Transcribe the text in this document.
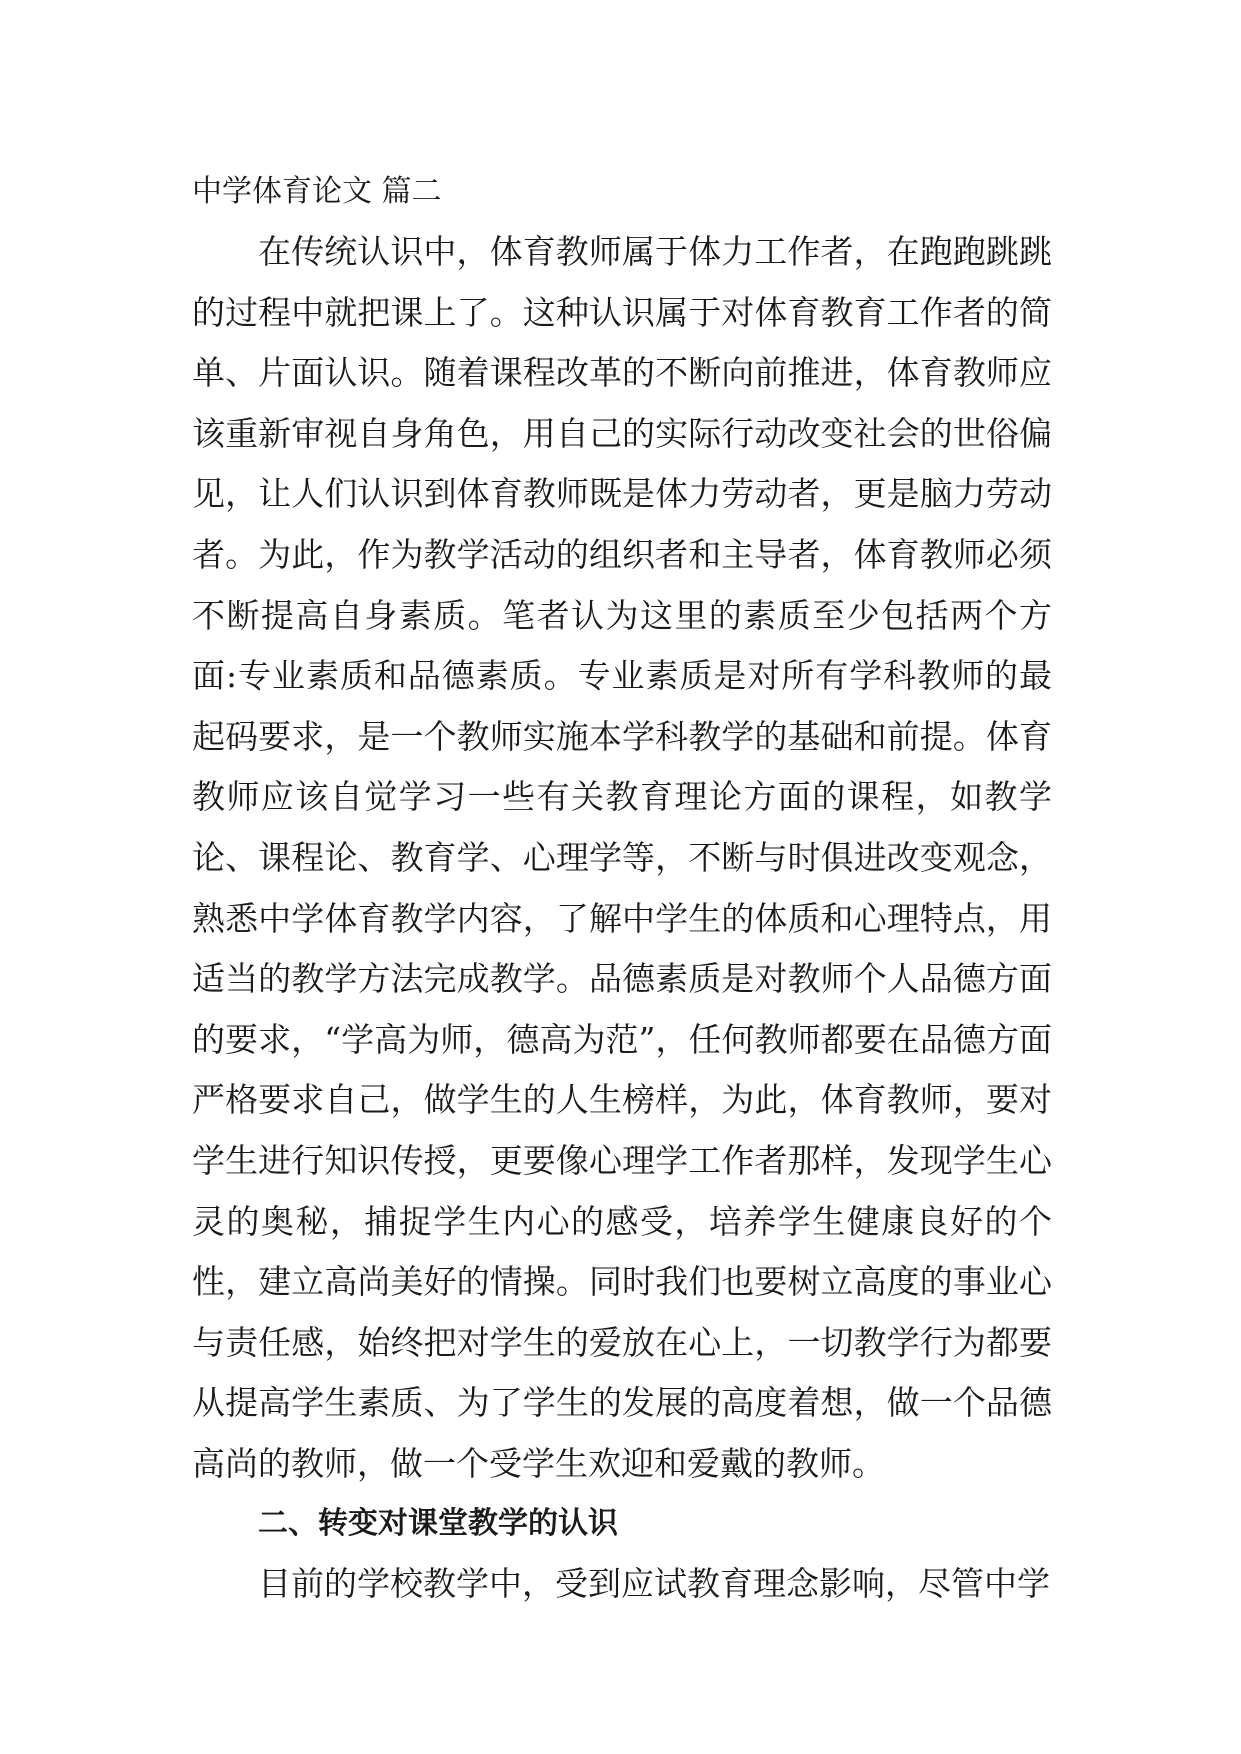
中学体育论文 篇二

在传统认识中，体育教师属于体力工作者，在跑跑跳跳的过程中就把课上了。这种认识属于对体育教育工作者的简单、片面认识。随着课程改革的不断向前推进，体育教师应该重新审视自身角色，用自己的实际行动改变社会的世俗偏见，让人们认识到体育教师既是体力劳动者，更是脑力劳动者。为此，作为教学活动的组织者和主导者，体育教师必须不断提高自身素质。笔者认为这里的素质至少包括两个方面:专业素质和品德素质。专业素质是对所有学科教师的最起码要求，是一个教师实施本学科教学的基础和前提。体育教师应该自觉学习一些有关教育理论方面的课程，如教学论、课程论、教育学、心理学等，不断与时俱进改变观念，熟悉中学体育教学内容，了解中学生的体质和心理特点，用适当的教学方法完成教学。品德素质是对教师个人品德方面的要求，“学高为师，德高为范”，任何教师都要在品德方面严格要求自己，做学生的人生榜样，为此，体育教师，要对学生进行知识传授，更要像心理学工作者那样，发现学生心灵的奥秘，捕捉学生内心的感受，培养学生健康良好的个性，建立高尚美好的情操。同时我们也要树立高度的事业心与责任感，始终把对学生的爱放在心上，一切教学行为都要从提高学生素质、为了学生的发展的高度着想，做一个品德高尚的教师，做一个受学生欢迎和爱戴的教师。

二、转变对课堂教学的认识

目前的学校教学中，受到应试教育理念影响，尽管中学
